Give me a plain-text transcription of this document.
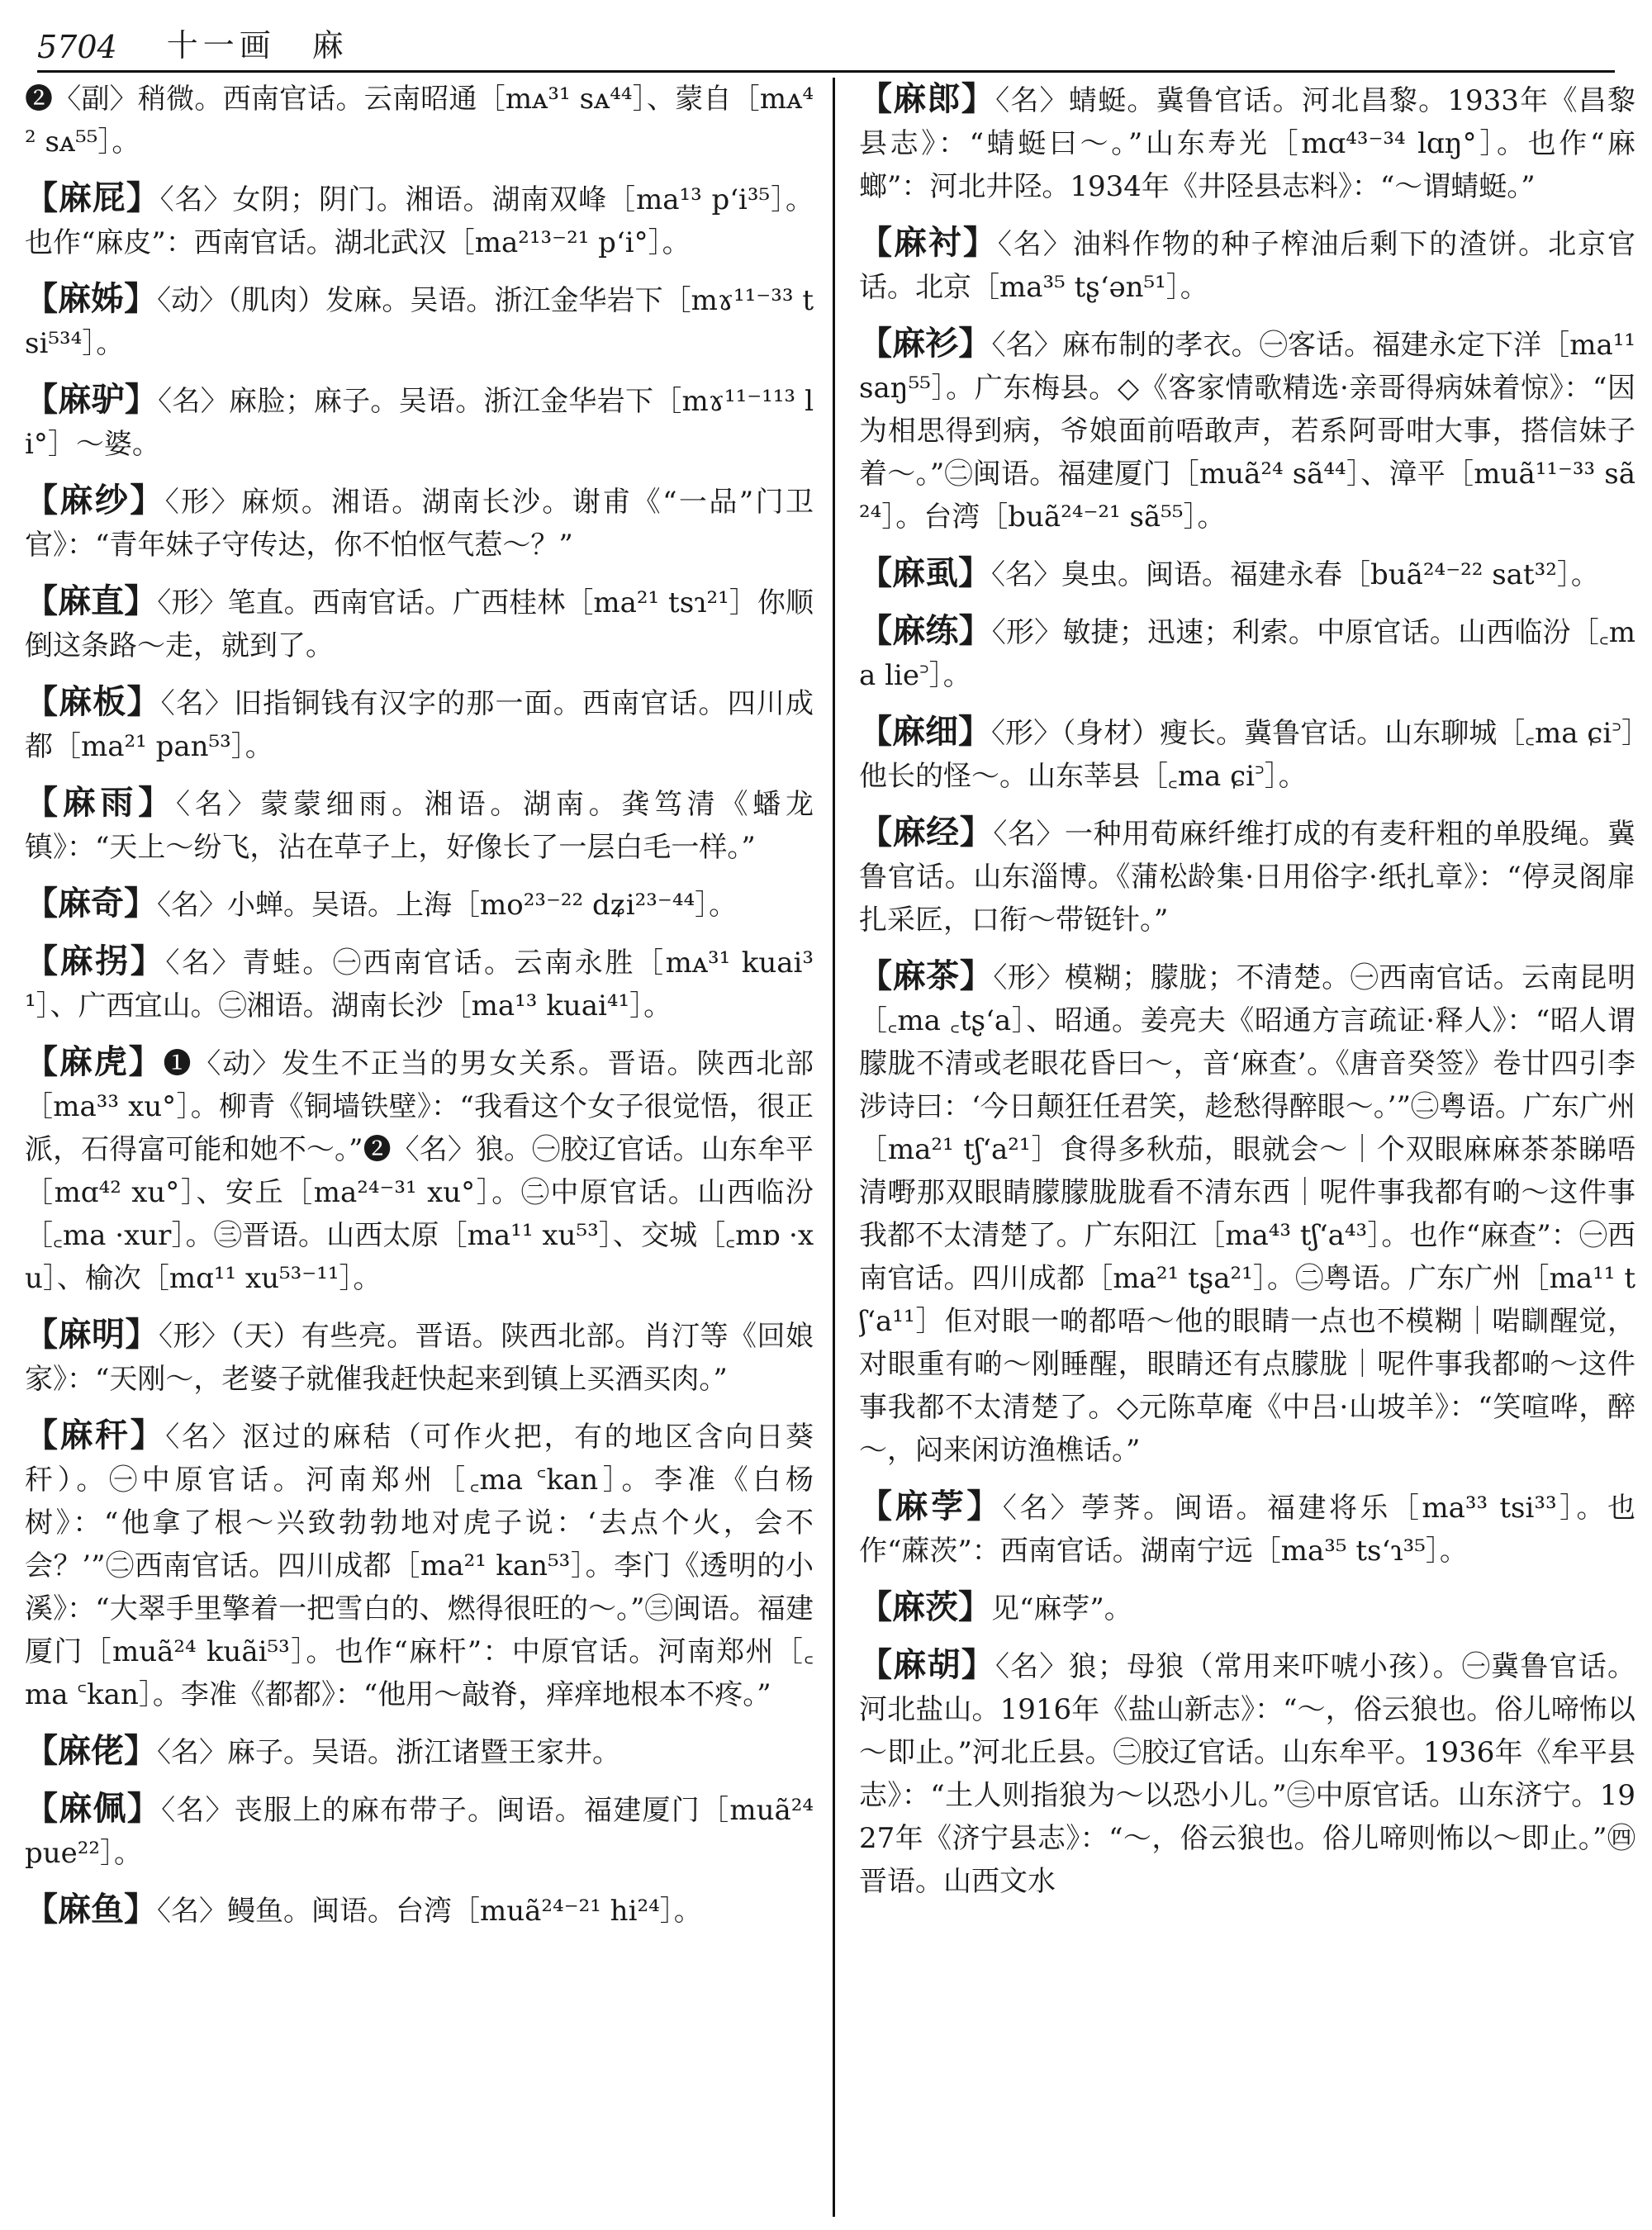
5704 十一画　麻

❷〈副〉稍微。西南官话。云南昭通［mᴀ³¹ sᴀ⁴⁴］、蒙自［mᴀ⁴² sᴀ⁵⁵］。

【麻屁】〈名〉女阴；阴门。湘语。湖南双峰［ma¹³ pʻi³⁵］。也作“麻皮”：西南官话。湖北武汉［ma²¹³⁻²¹ pʻi°］。

【麻姊】〈动〉（肌肉）发麻。吴语。浙江金华岩下［mɤ¹¹⁻³³ tsi⁵³⁴］。

【麻驴】〈名〉麻脸；麻子。吴语。浙江金华岩下［mɤ¹¹⁻¹¹³ li°］～婆。

【麻纱】〈形〉麻烦。湘语。湖南长沙。谢甫《“一品”门卫官》：“青年妹子守传达，你不怕怄气惹～？”

【麻直】〈形〉笔直。西南官话。广西桂林［ma²¹ tsɿ²¹］你顺倒这条路～走，就到了。

【麻板】〈名〉旧指铜钱有汉字的那一面。西南官话。四川成都［ma²¹ pan⁵³］。

【麻雨】〈名〉蒙蒙细雨。湘语。湖南。龚笃清《蟠龙镇》：“天上～纷飞，沾在草子上，好像长了一层白毛一样。”

【麻奇】〈名〉小蝉。吴语。上海［mo²³⁻²² dʑi²³⁻⁴⁴］。

【麻拐】〈名〉青蛙。㊀西南官话。云南永胜［mᴀ³¹ kuai³¹］、广西宜山。㊁湘语。湖南长沙［ma¹³ kuai⁴¹］。

【麻虎】❶〈动〉发生不正当的男女关系。晋语。陕西北部［ma³³ xu°］。柳青《铜墙铁壁》：“我看这个女子很觉悟，很正派，石得富可能和她不～。”❷〈名〉狼。㊀胶辽官话。山东牟平［mɑ⁴² xu°］、安丘［ma²⁴⁻³¹ xu°］。㊁中原官话。山西临汾［꜀ma ·xur］。㊂晋语。山西太原［ma¹¹ xu⁵³］、交城［꜀mɒ ·xu］、榆次［mɑ¹¹ xu⁵³⁻¹¹］。

【麻明】〈形〉（天）有些亮。晋语。陕西北部。肖汀等《回娘家》：“天刚～，老婆子就催我赶快起来到镇上买酒买肉。”

【麻秆】〈名〉沤过的麻秸（可作火把，有的地区含向日葵秆）。㊀中原官话。河南郑州［꜀ma ꜂kan］。李准《白杨树》：“他拿了根～兴致勃勃地对虎子说：‘去点个火，会不会？’”㊁西南官话。四川成都［ma²¹ kan⁵³］。李门《透明的小溪》：“大翠手里擎着一把雪白的、燃得很旺的～。”㊂闽语。福建厦门［muã²⁴ kuãi⁵³］。也作“麻杆”：中原官话。河南郑州［꜀ma ꜂kan］。李准《都都》：“他用～敲脊，痒痒地根本不疼。”

【麻佬】〈名〉麻子。吴语。浙江诸暨王家井。

【麻佩】〈名〉丧服上的麻布带子。闽语。福建厦门［muã²⁴ pue²²］。

【麻鱼】〈名〉鳗鱼。闽语。台湾［muã²⁴⁻²¹ hi²⁴］。

【麻郎】〈名〉蜻蜓。冀鲁官话。河北昌黎。1933年《昌黎县志》：“蜻蜓曰～。”山东寿光［mɑ⁴³⁻³⁴ lɑŋ°］。也作“麻螂”：河北井陉。1934年《井陉县志料》：“～谓蜻蜓。”

【麻衬】〈名〉油料作物的种子榨油后剩下的渣饼。北京官话。北京［ma³⁵ tʂʻən⁵¹］。

【麻衫】〈名〉麻布制的孝衣。㊀客话。福建永定下洋［ma¹¹ saŋ⁵⁵］。广东梅县。◇《客家情歌精选·亲哥得病妹着惊》：“因为相思得到病，爷娘面前唔敢声，若系阿哥咁大事，搭信妹子着～。”㊁闽语。福建厦门［muã²⁴ sã⁴⁴］、漳平［muã¹¹⁻³³ sã²⁴］。台湾［buã²⁴⁻²¹ sã⁵⁵］。

【麻虱】〈名〉臭虫。闽语。福建永春［buã²⁴⁻²² sat³²］。

【麻练】〈形〉敏捷；迅速；利索。中原官话。山西临汾［꜀ma lie꜄］。

【麻细】〈形〉（身材）瘦长。冀鲁官话。山东聊城［꜀ma ɕi꜄］他长的怪～。山东莘县［꜀ma ɕi꜄］。

【麻经】〈名〉一种用荀麻纤维打成的有麦秆粗的单股绳。冀鲁官话。山东淄博。《蒲松龄集·日用俗字·纸扎章》：“停灵阁扉扎采匠，口衔～带铤针。”

【麻茶】〈形〉模糊；朦胧；不清楚。㊀西南官话。云南昆明［꜀ma ꜀tʂʻa］、昭通。姜亮夫《昭通方言疏证·释人》：“昭人谓朦胧不清或老眼花昏曰～，音‘麻查’。《唐音癸签》卷廿四引李涉诗曰：‘今日颠狂任君笑，趁愁得醉眼～。’”㊁粤语。广东广州［ma²¹ tʃʻa²¹］食得多秋茄，眼就会～｜个双眼麻麻茶茶睇唔清嘢那双眼睛朦朦胧胧看不清东西｜呢件事我都有啲～这件事我都不太清楚了。广东阳江［ma⁴³ tʃʻa⁴³］。也作“麻查”：㊀西南官话。四川成都［ma²¹ tʂa²¹］。㊁粤语。广东广州［ma¹¹ tʃʻa¹¹］佢对眼一啲都唔～他的眼睛一点也不模糊｜啱瞓醒觉，对眼重有啲～刚睡醒，眼睛还有点朦胧｜呢件事我都啲～这件事我都不太清楚了。◇元陈草庵《中吕·山坡羊》：“笑喧哗，醉～，闷来闲访渔樵话。”

【麻茡】〈名〉荸荠。闽语。福建将乐［ma³³ tsi³³］。也作“蔴茨”：西南官话。湖南宁远［ma³⁵ tsʻɿ³⁵］。

【麻茨】见“麻茡”。

【麻胡】〈名〉狼；母狼（常用来吓唬小孩）。㊀冀鲁官话。河北盐山。1916年《盐山新志》：“～，俗云狼也。俗儿啼怖以～即止。”河北丘县。㊁胶辽官话。山东牟平。1936年《牟平县志》：“土人则指狼为～以恐小儿。”㊂中原官话。山东济宁。1927年《济宁县志》：“～，俗云狼也。俗儿啼则怖以～即止。”㊃晋语。山西文水
